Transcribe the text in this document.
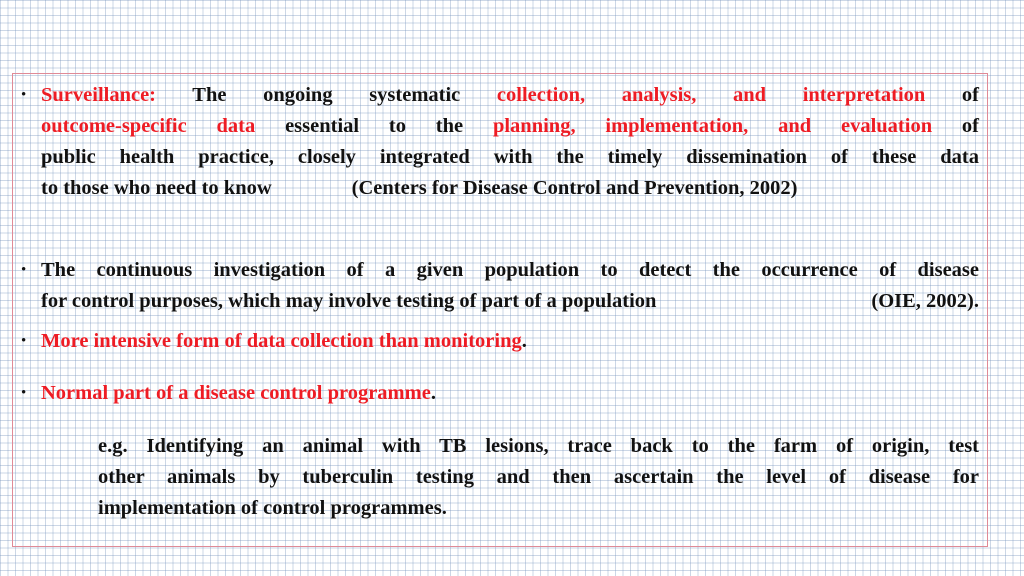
• Surveillance: The ongoing systematic collection, analysis, and interpretation of
outcome-specific data essential to the planning, implementation, and evaluation of
public health practice, closely integrated with the timely dissemination of these data
to those who need to know	(Centers for Disease Control and Prevention, 2002)
• The continuous investigation of a given population to detect the occurrence of disease
for control purposes, which may involve testing of part of a population	(OIE, 2002).
• More intensive form of data collection than monitoring.
• Normal part of a disease control programme.
e.g. Identifying an animal with TB lesions, trace back to the farm of origin, test
other animals by tuberculin testing and then ascertain the level of disease for
implementation of control programmes.
